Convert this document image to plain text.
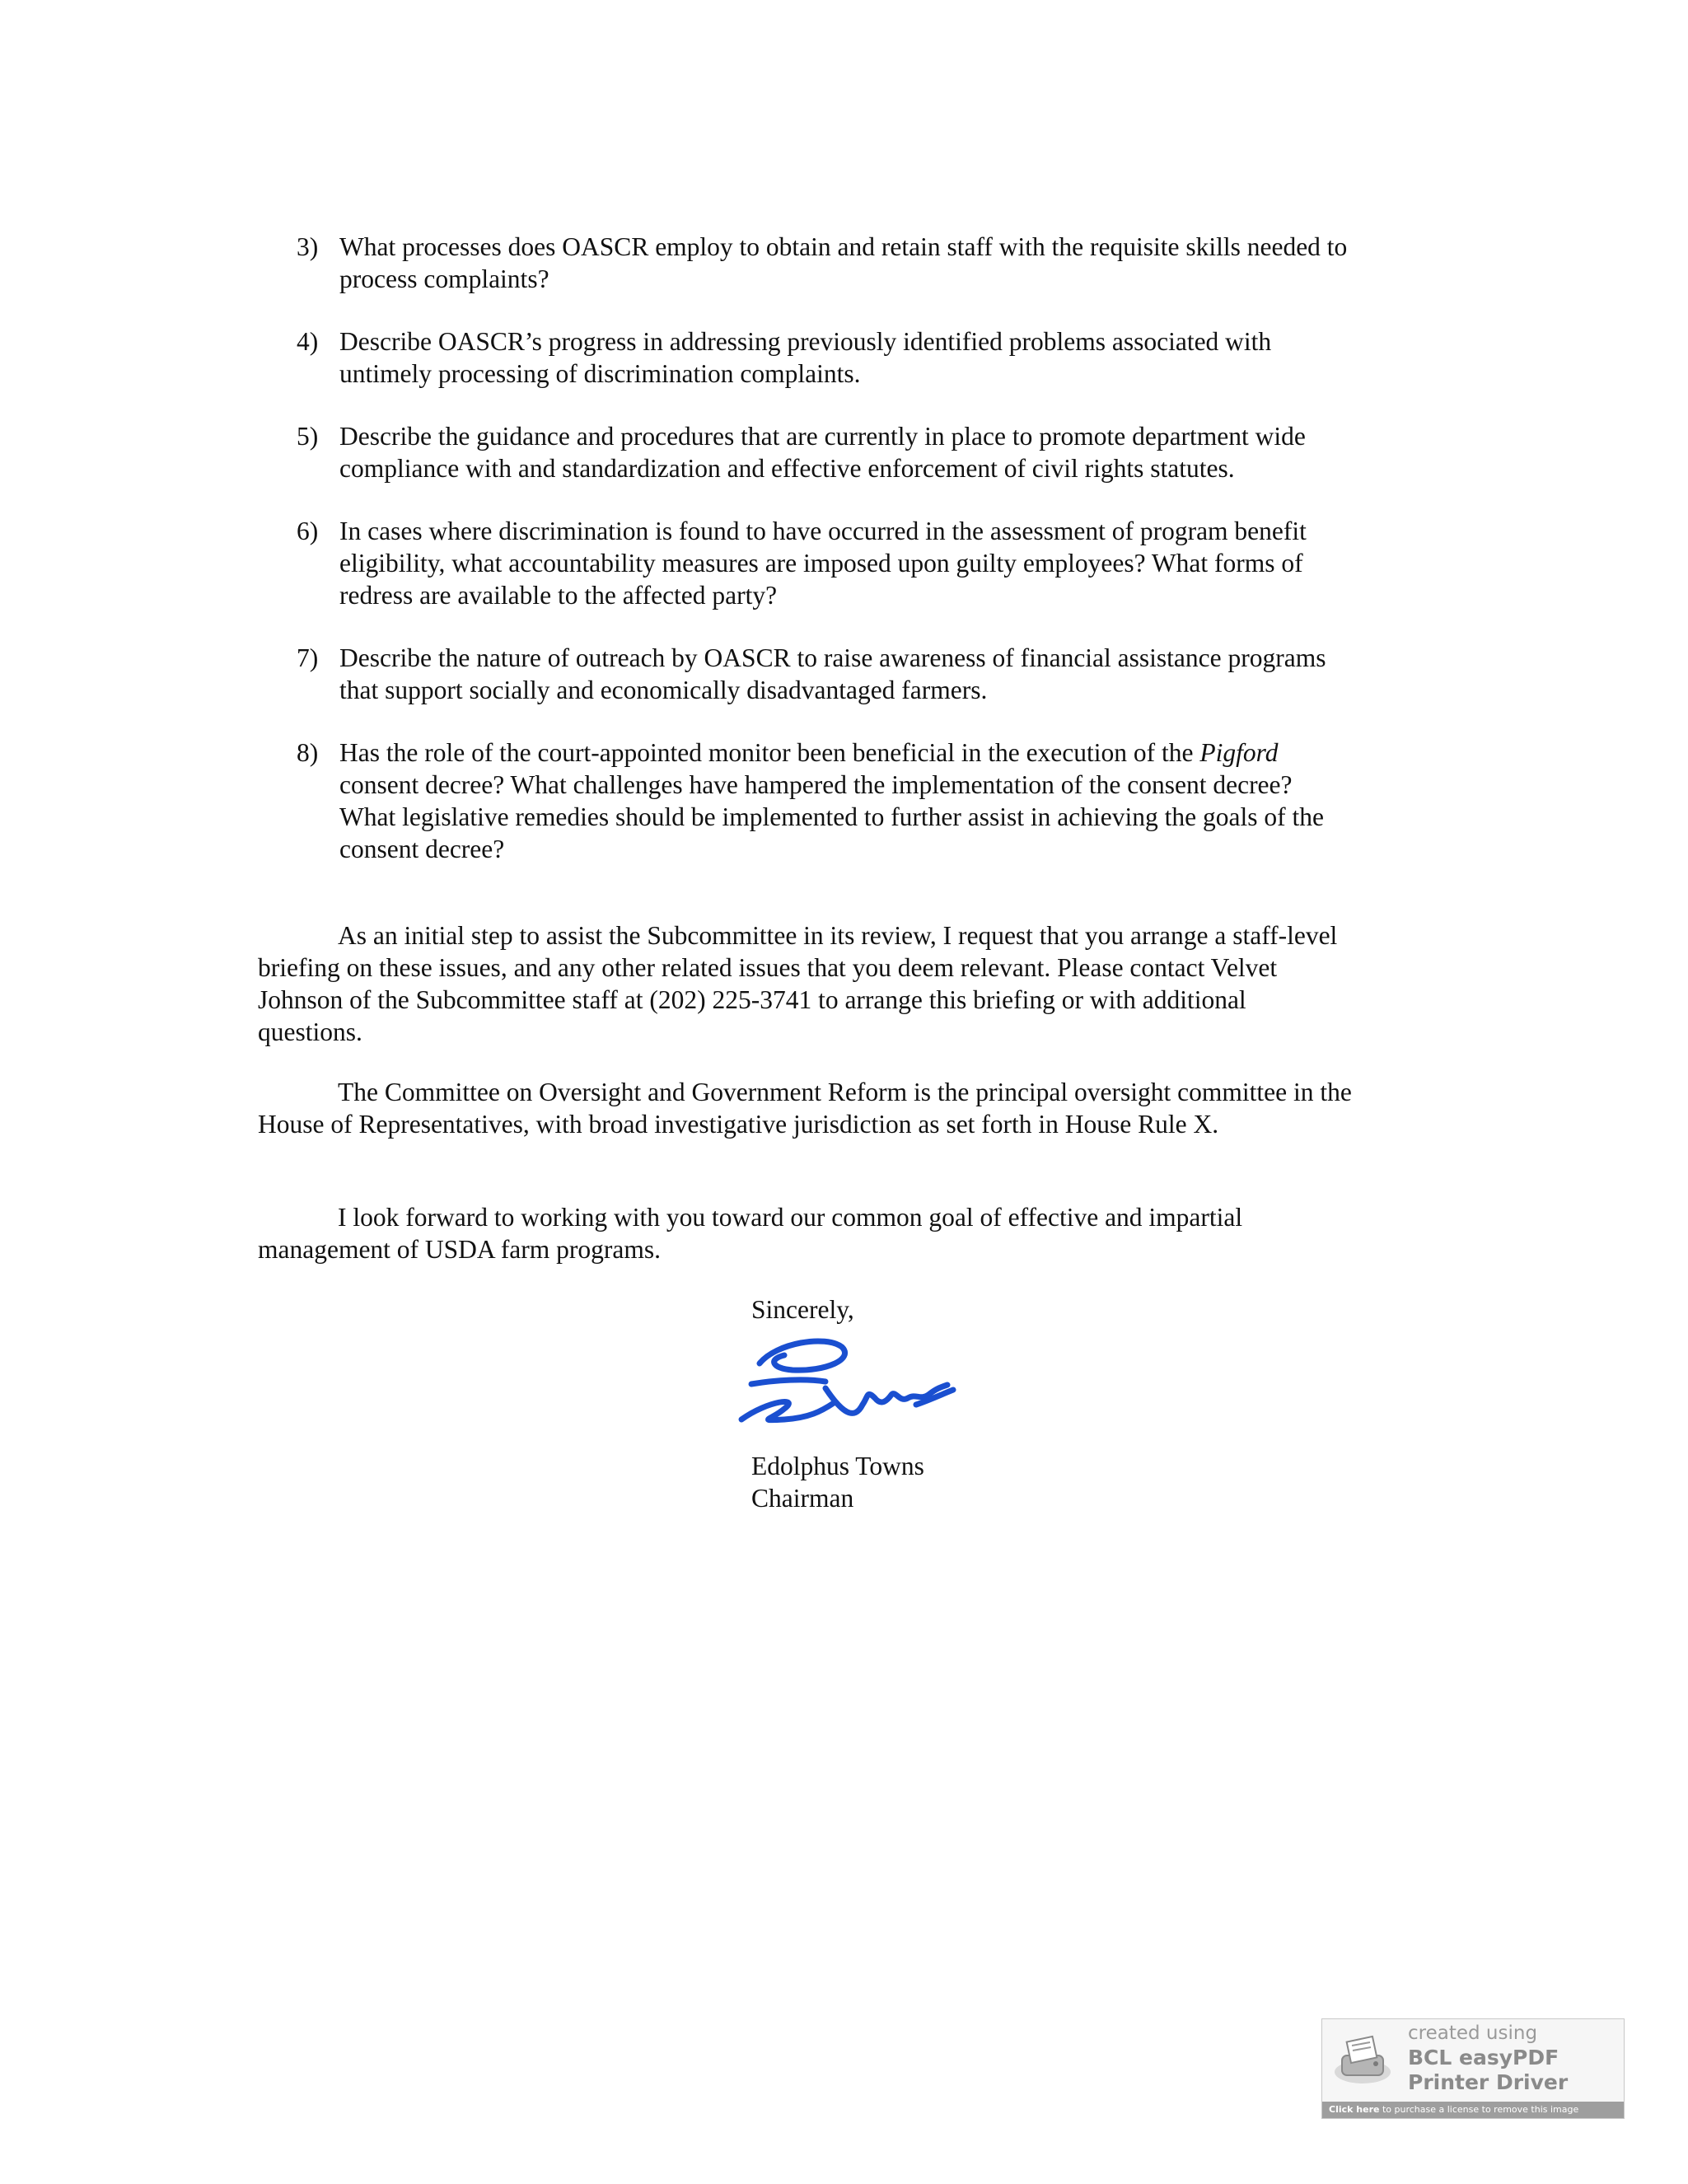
3) What processes does OASCR employ to obtain and retain staff with the requisite skills needed to process complaints?
4) Describe OASCR’s progress in addressing previously identified problems associated with untimely processing of discrimination complaints.
5) Describe the guidance and procedures that are currently in place to promote department wide compliance with and standardization and effective enforcement of civil rights statutes.
6) In cases where discrimination is found to have occurred in the assessment of program benefit eligibility, what accountability measures are imposed upon guilty employees? What forms of redress are available to the affected party?
7) Describe the nature of outreach by OASCR to raise awareness of financial assistance programs that support socially and economically disadvantaged farmers.
8) Has the role of the court-appointed monitor been beneficial in the execution of the Pigford consent decree? What challenges have hampered the implementation of the consent decree? What legislative remedies should be implemented to further assist in achieving the goals of the consent decree?

As an initial step to assist the Subcommittee in its review, I request that you arrange a staff-level briefing on these issues, and any other related issues that you deem relevant. Please contact Velvet Johnson of the Subcommittee staff at (202) 225-3741 to arrange this briefing or with additional questions.

The Committee on Oversight and Government Reform is the principal oversight committee in the House of Representatives, with broad investigative jurisdiction as set forth in House Rule X.

I look forward to working with you toward our common goal of effective and impartial management of USDA farm programs.

Sincerely,
Edolphus Towns
Chairman
created using
BCL easyPDF
Printer Driver
Click here to purchase a license to remove this image
